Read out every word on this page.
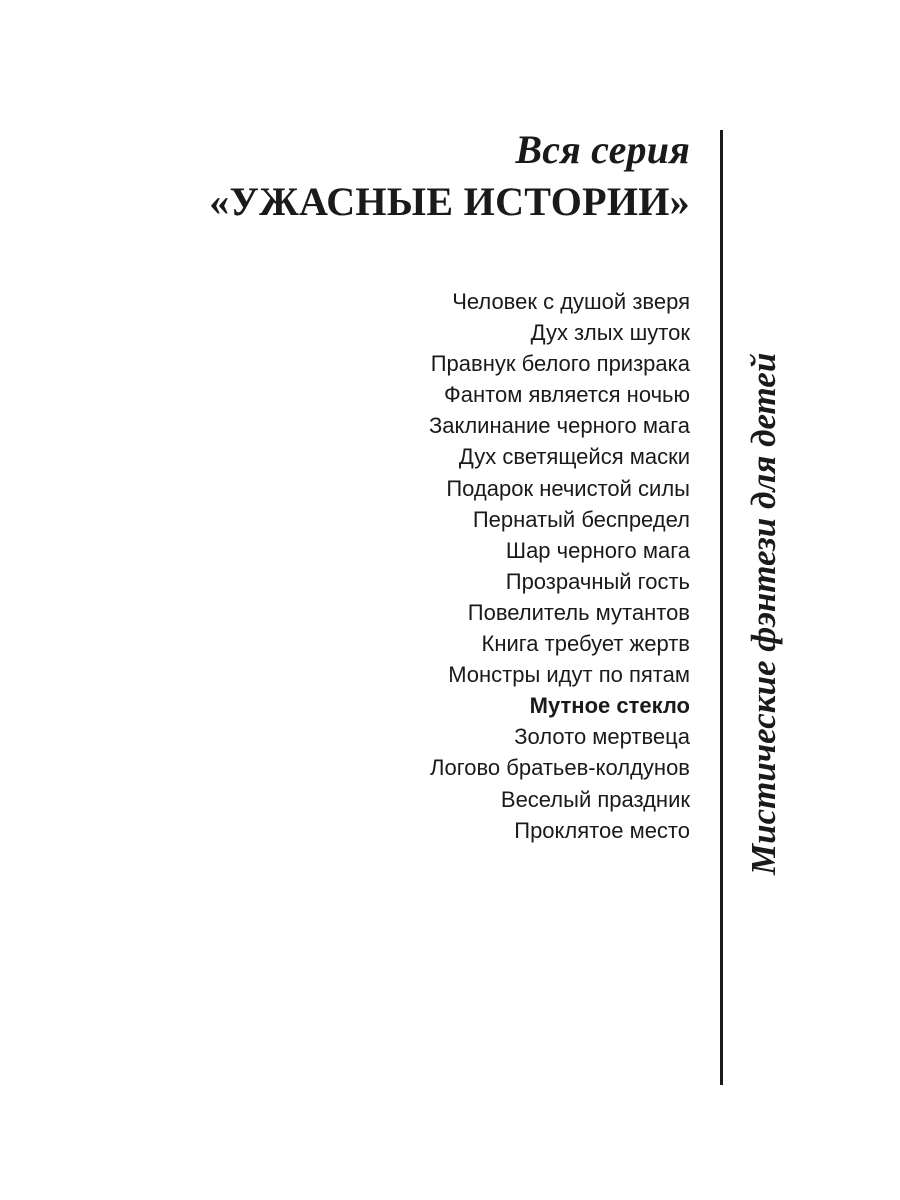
Вся серия
«УЖАСНЫЕ ИСТОРИИ»
Человек с душой зверя
Дух злых шуток
Правнук белого призрака
Фантом является ночью
Заклинание черного мага
Дух светящейся маски
Подарок нечистой силы
Пернатый беспредел
Шар черного мага
Прозрачный гость
Повелитель мутантов
Книга требует жертв
Монстры идут по пятам
Мутное стекло
Золото мертвеца
Логово братьев-колдунов
Веселый праздник
Проклятое место Мистические фэнтези для детей
